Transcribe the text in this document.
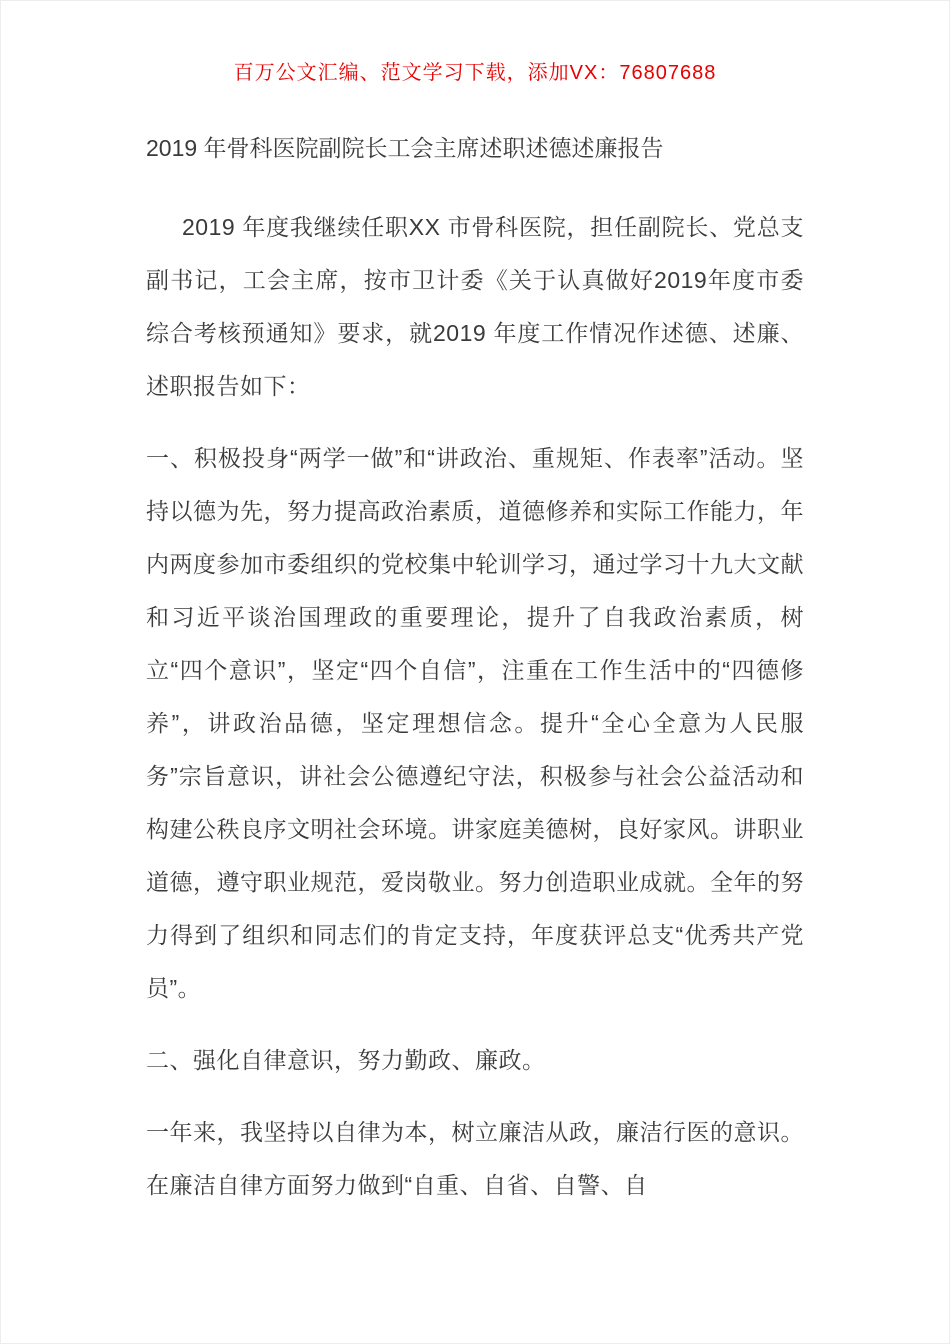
百万公文汇编、范文学习下载，添加VX：76807688

2019 年骨科医院副院长工会主席述职述德述廉报告

2019 年度我继续任职XX 市骨科医院，担任副院长、党总支副书记，工会主席，按市卫计委《关于认真做好2019年度市委综合考核预通知》要求，就2019 年度工作情况作述德、述廉、述职报告如下：

一、积极投身“两学一做”和“讲政治、重规矩、作表率”活动。坚持以德为先，努力提高政治素质，道德修养和实际工作能力，年内两度参加市委组织的党校集中轮训学习，通过学习十九大文献和习近平谈治国理政的重要理论，提升了自我政治素质，树立“四个意识”，坚定“四个自信”，注重在工作生活中的“四德修养”，讲政治品德，坚定理想信念。提升“全心全意为人民服务”宗旨意识，讲社会公德遵纪守法，积极参与社会公益活动和构建公秩良序文明社会环境。讲家庭美德树，良好家风。讲职业道德，遵守职业规范，爱岗敬业。努力创造职业成就。全年的努力得到了组织和同志们的肯定支持，年度获评总支“优秀共产党员”。

二、强化自律意识，努力勤政、廉政。

一年来，我坚持以自律为本，树立廉洁从政，廉洁行医的意识。在廉洁自律方面努力做到“自重、自省、自警、自
